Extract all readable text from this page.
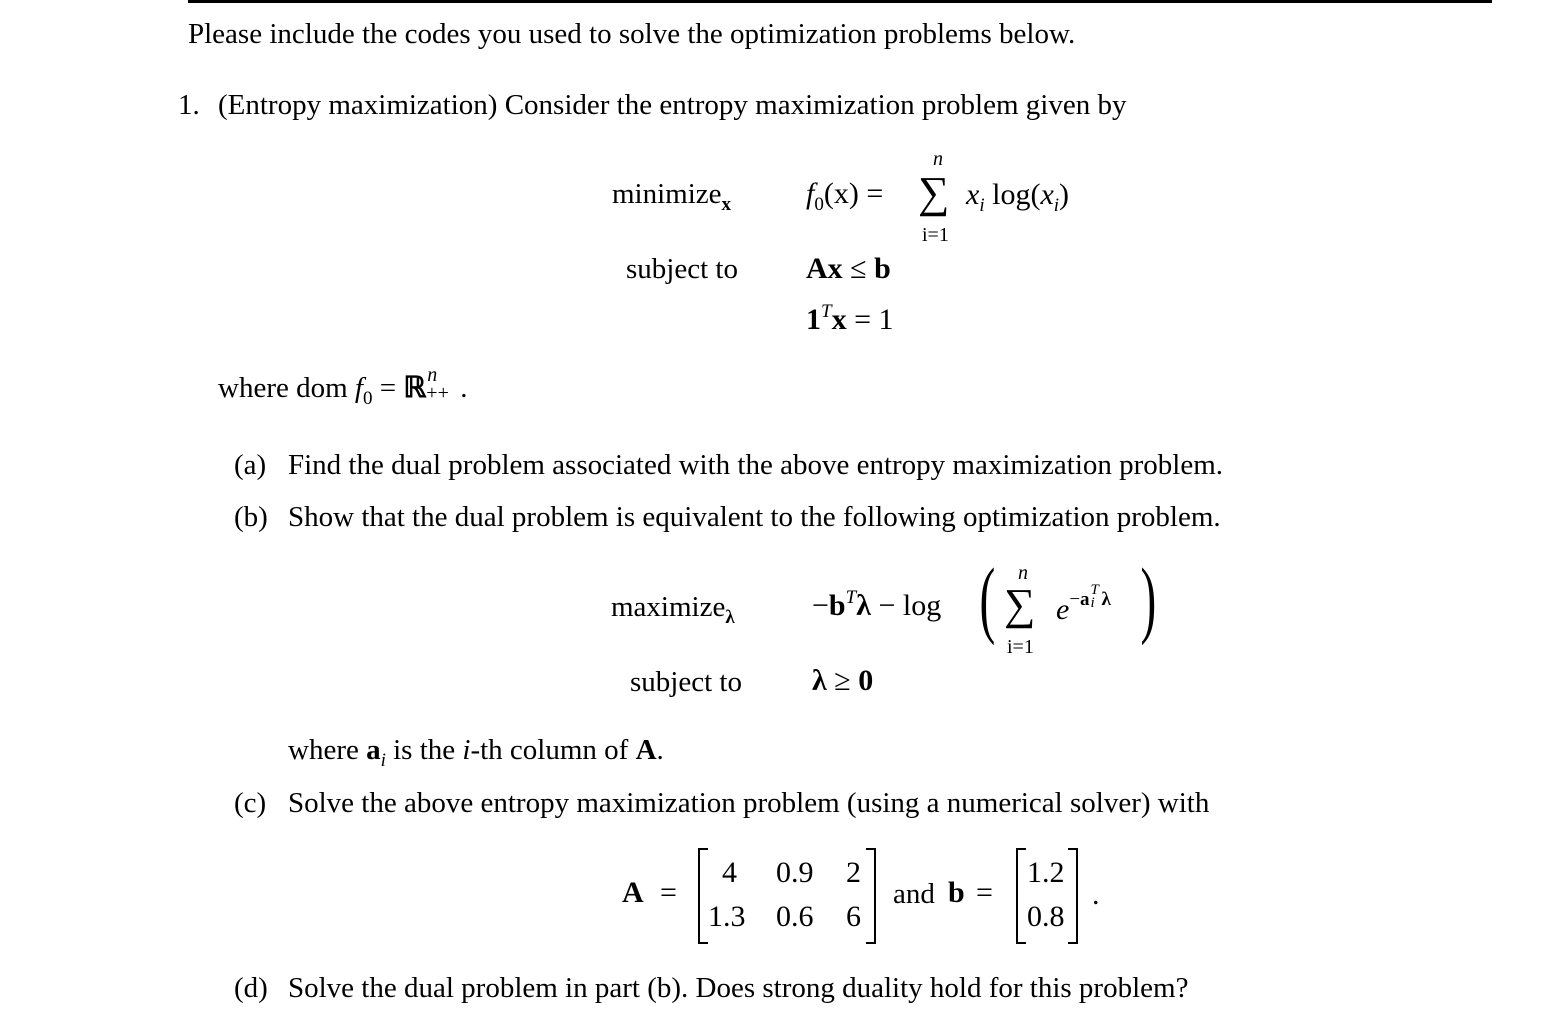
Please include the codes you used to solve the optimization problems below.
1. (Entropy maximization) Consider the entropy maximization problem given by
minimize$_x$ $f_0(x)$ =
n
∑
i=1
$x_i$ $\log(x_i)$
subject to Ax ≤ b
$1^Tx = 1$
where dom $f_0$ = ℝ n
++ .
(a) Find the dual problem associated with the above entropy maximization problem.
(b) Show that the dual problem is equivalent to the following optimization problem.
maximize$_\lambda$	$-b^T\lambda - \log$ ( n
∑
i=1
$e^{-a T i \lambda}$ )
subject to λ ≥ 0
where $a_i$ is the i-th column of A.
(c) Solve the above entropy maximization problem (using a numerical solver) with
A =
4 0.9 2
1.3 0.6 6
and b =
1.2
0.8
.
(d) Solve the dual problem in part (b). Does strong duality hold for this problem?
